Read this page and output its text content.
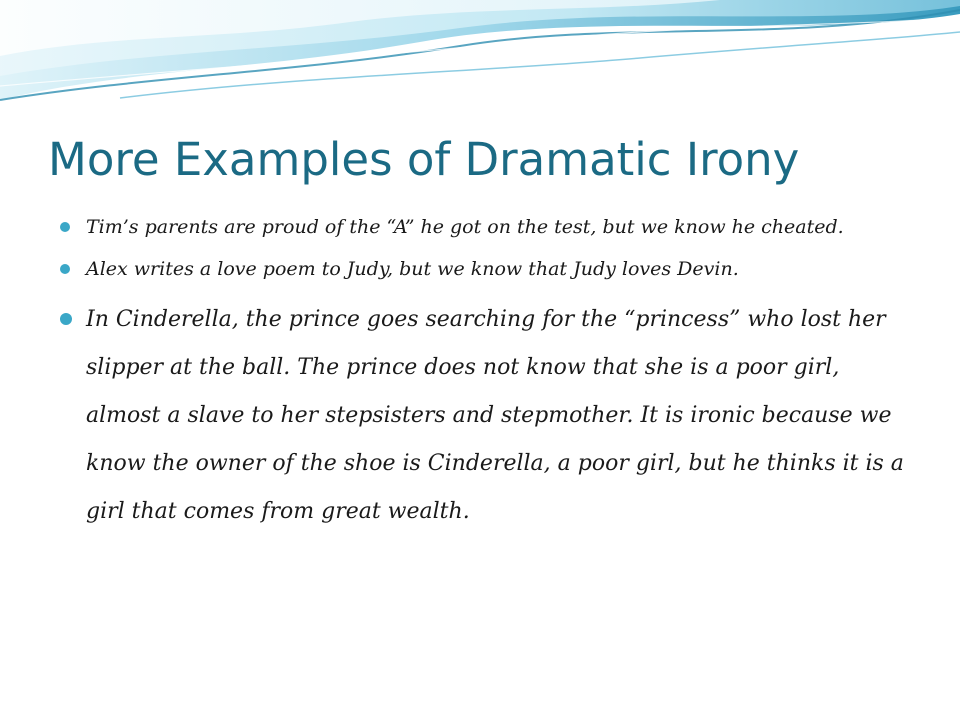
More Examples of Dramatic Irony
Tim’s parents are proud of the “A” he got on the test, but we know he cheated.
Alex writes a love poem to Judy, but we know that Judy loves Devin.
In Cinderella, the prince goes searching for the “princess” who lost her slipper at the ball. The prince does not know that she is a poor girl, almost a slave to her stepsisters and stepmother. It is ironic because we know the owner of the shoe is Cinderella, a poor girl, but he thinks it is a girl that comes from great wealth.
